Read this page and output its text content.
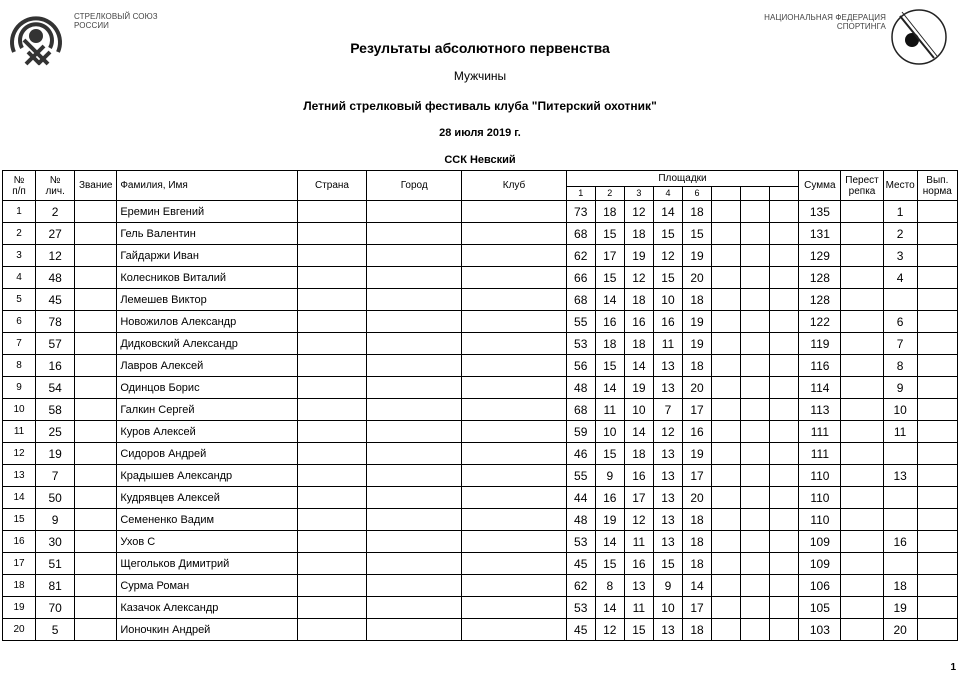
СТРЕЛКОВЫЙ СОЮЗ
РОССИИ
НАЦИОНАЛЬНАЯ ФЕДЕРАЦИЯ
СПОРТИНГА
Результаты абсолютного первенства
Мужчины
Летний стрелковый фестиваль клуба "Питерский охотник"
28 июля 2019 г.
ССК Невский
№
п/п	№
лич.	Звание	Фамилия, Имя	Страна	Город	Клуб	Площадки								Сумма	Перест
репка	Место	Вып.
норма
							1	2	3	4	6							
1	2		Еремин Евгений				73	18	12	14	18				135		1	
2	27		Гель Валентин				68	15	18	15	15				131		2	
3	12		Гайдаржи Иван				62	17	19	12	19				129		3	
4	48		Колесников Виталий				66	15	12	15	20				128		4	
5	45		Лемешев Виктор				68	14	18	10	18				128			
6	78		Новожилов Александр				55	16	16	16	19				122		6	
7	57		Дидковский Александр				53	18	18	11	19				119		7	
8	16		Лавров Алексей				56	15	14	13	18				116		8	
9	54		Одинцов Борис				48	14	19	13	20				114		9	
10	58		Галкин Сергей				68	11	10	7	17				113		10	
11	25		Куров Алексей				59	10	14	12	16				111		11	
12	19		Сидоров Андрей				46	15	18	13	19				111			
13	7		Крадышев Александр				55	9	16	13	17				110		13	
14	50		Кудрявцев Алексей				44	16	17	13	20				110			
15	9		Семененко Вадим				48	19	12	13	18				110			
16	30		Ухов С				53	14	11	13	18				109		16	
17	51		Щегольков Димитрий				45	15	16	15	18				109			
18	81		Сурма Роман				62	8	13	9	14				106		18	
19	70		Казачок Александр				53	14	11	10	17				105		19	
20	5		Ионочкин Андрей				45	12	15	13	18				103		20	
1
